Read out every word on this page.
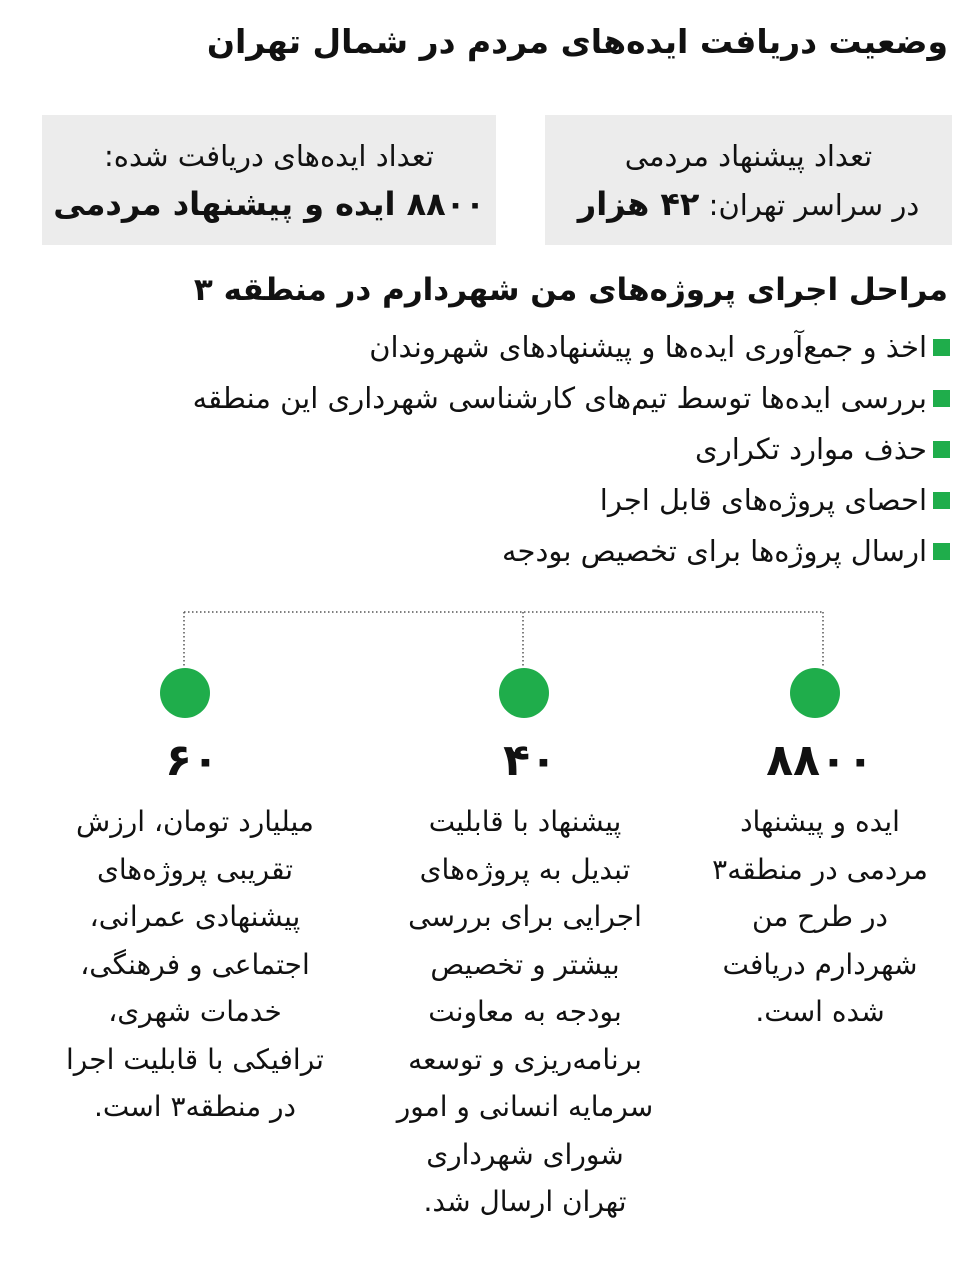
وضعیت دریافت ایده‌های مردم در شمال تهران
تعداد پیشنهاد مردمی
در سراسر تهران: ۴۲ هزار
تعداد ایده‌های دریافت شده:
۸۸۰۰ ایده و پیشنهاد مردمی
مراحل اجرای پروژه‌های من شهردارم در منطقه ۳
اخذ و جمع‌آوری ایده‌ها و پیشنهادهای شهروندان
بررسی ایده‌ها توسط تیم‌های کارشناسی شهرداری این منطقه
حذف موارد تکراری
احصای پروژه‌های قابل اجرا
ارسال پروژه‌ها برای تخصیص بودجه
۸۸۰۰
۴۰
۶۰
ایده و پیشنهاد
مردمی در منطقه۳
در طرح من
شهردارم دریافت
شده است.
پیشنهاد با قابلیت
تبدیل به پروژه‌های
اجرایی برای بررسی
بیشتر و تخصیص
بودجه به معاونت
برنامه‌ریزی و توسعه
سرمایه انسانی و امور
شورای شهرداری
تهران ارسال شد.
میلیارد تومان، ارزش
تقریبی پروژه‌های
پیشنهادی عمرانی،
اجتماعی و فرهنگی،
خدمات شهری،
ترافیکی با قابلیت اجرا
در منطقه۳ است.
